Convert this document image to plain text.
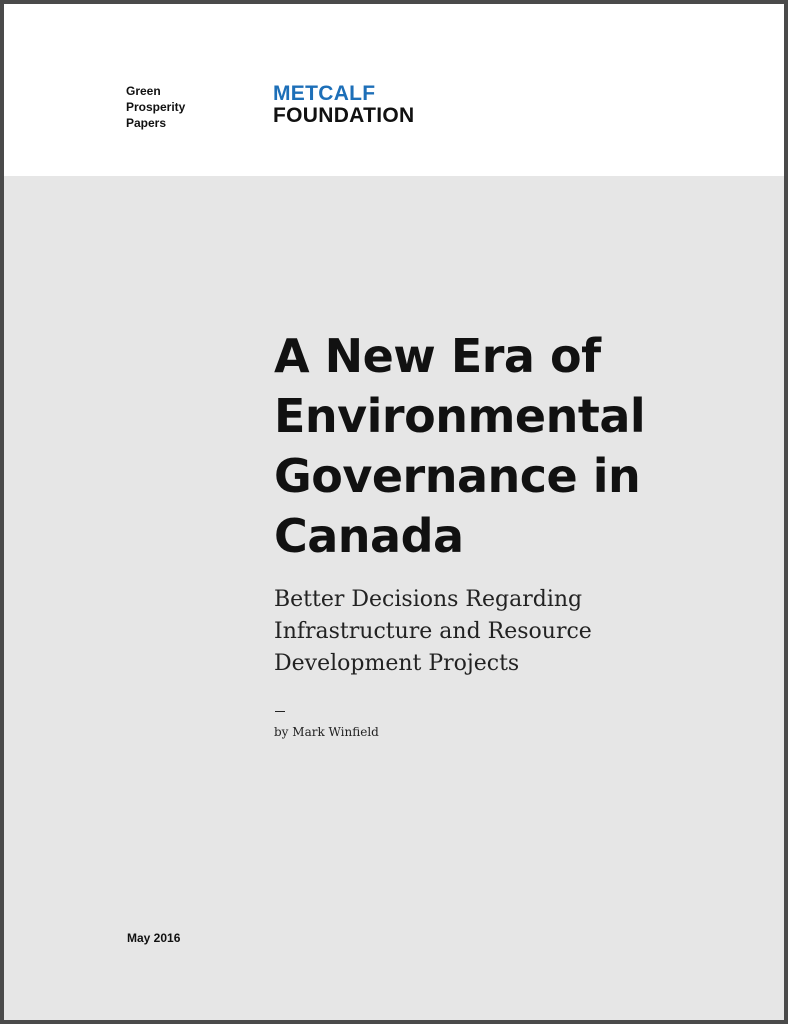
Green
Prosperity
Papers
METCALF
FOUNDATION
A New Era of
Environmental
Governance in
Canada
Better Decisions Regarding
Infrastructure and Resource
Development Projects
by Mark Winfield
May 2016
